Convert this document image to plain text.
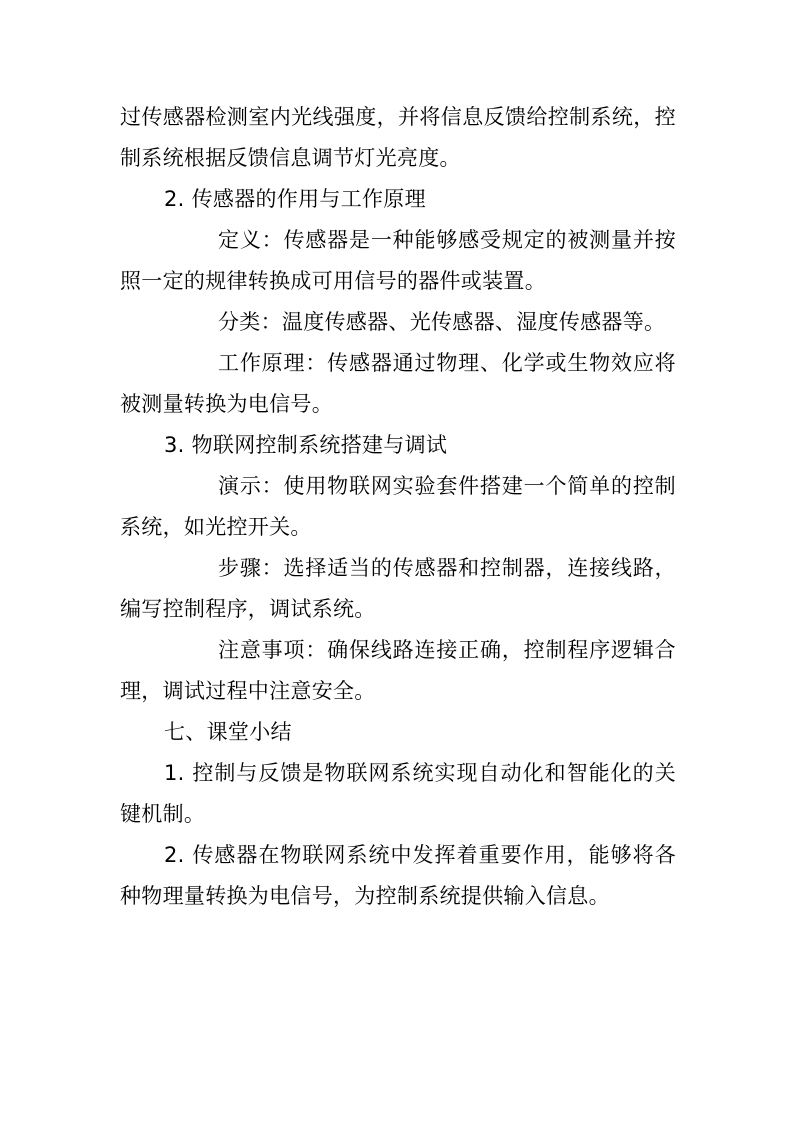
过传感器检测室内光线强度，并将信息反馈给控制系统，控制系统根据反馈信息调节灯光亮度。

2. 传感器的作用与工作原理

定义：传感器是一种能够感受规定的被测量并按照一定的规律转换成可用信号的器件或装置。

分类：温度传感器、光传感器、湿度传感器等。

工作原理：传感器通过物理、化学或生物效应将被测量转换为电信号。

3. 物联网控制系统搭建与调试

演示：使用物联网实验套件搭建一个简单的控制系统，如光控开关。

步骤：选择适当的传感器和控制器，连接线路，编写控制程序，调试系统。

注意事项：确保线路连接正确，控制程序逻辑合理，调试过程中注意安全。

七、课堂小结

1. 控制与反馈是物联网系统实现自动化和智能化的关键机制。

2. 传感器在物联网系统中发挥着重要作用，能够将各种物理量转换为电信号，为控制系统提供输入信息。
